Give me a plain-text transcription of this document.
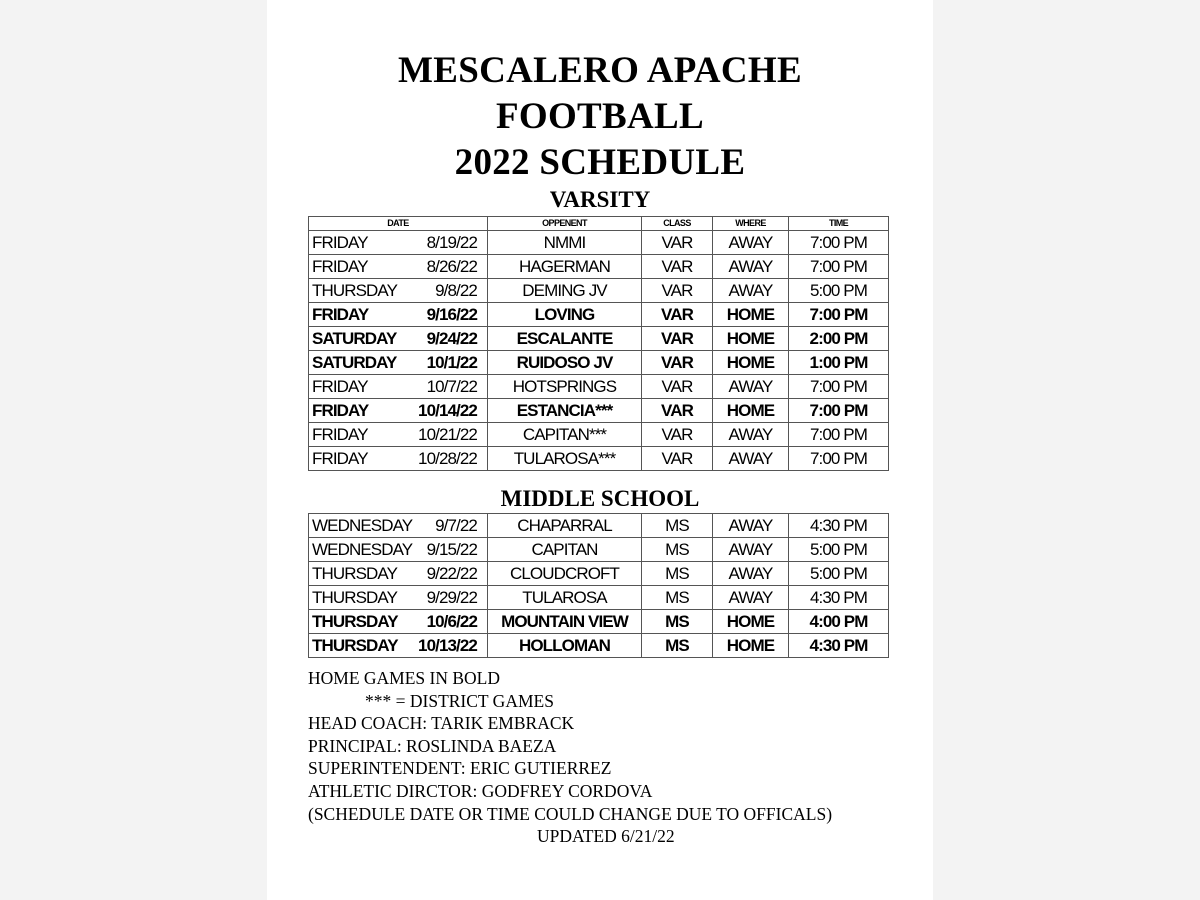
MESCALERO APACHE
FOOTBALL
2022 SCHEDULE
VARSITY
DATE	OPPENENT	CLASS	WHERE	TIME

FRIDAY 8/19/22	NMMI	VAR	AWAY	7:00 PM

FRIDAY 8/26/22	HAGERMAN	VAR	AWAY	7:00 PM

THURSDAY 9/8/22	DEMING JV	VAR	AWAY	5:00 PM

FRIDAY 9/16/22	LOVING	VAR	HOME	7:00 PM

SATURDAY 9/24/22	ESCALANTE	VAR	HOME	2:00 PM

SATURDAY 10/1/22	RUIDOSO JV	VAR	HOME	1:00 PM

FRIDAY 10/7/22	HOTSPRINGS	VAR	AWAY	7:00 PM

FRIDAY 10/14/22	ESTANCIA***	VAR	HOME	7:00 PM

FRIDAY 10/21/22	CAPITAN***	VAR	AWAY	7:00 PM

FRIDAY 10/28/22	TULAROSA***	VAR	AWAY	7:00 PM
MIDDLE SCHOOL
WEDNESDAY 9/7/22	CHAPARRAL	MS	AWAY	4:30 PM

WEDNESDAY 9/15/22	CAPITAN	MS	AWAY	5:00 PM

THURSDAY 9/22/22	CLOUDCROFT	MS	AWAY	5:00 PM

THURSDAY 9/29/22	TULAROSA	MS	AWAY	4:30 PM

THURSDAY 10/6/22	MOUNTAIN VIEW	MS	HOME	4:00 PM

THURSDAY 10/13/22	HOLLOMAN	MS	HOME	4:30 PM
HOME GAMES IN BOLD
*** = DISTRICT GAMES
HEAD COACH: TARIK EMBRACK
PRINCIPAL: ROSLINDA BAEZA
SUPERINTENDENT: ERIC GUTIERREZ
ATHLETIC DIRCTOR: GODFREY CORDOVA
(SCHEDULE DATE OR TIME COULD CHANGE DUE TO OFFICALS)
UPDATED 6/21/22
